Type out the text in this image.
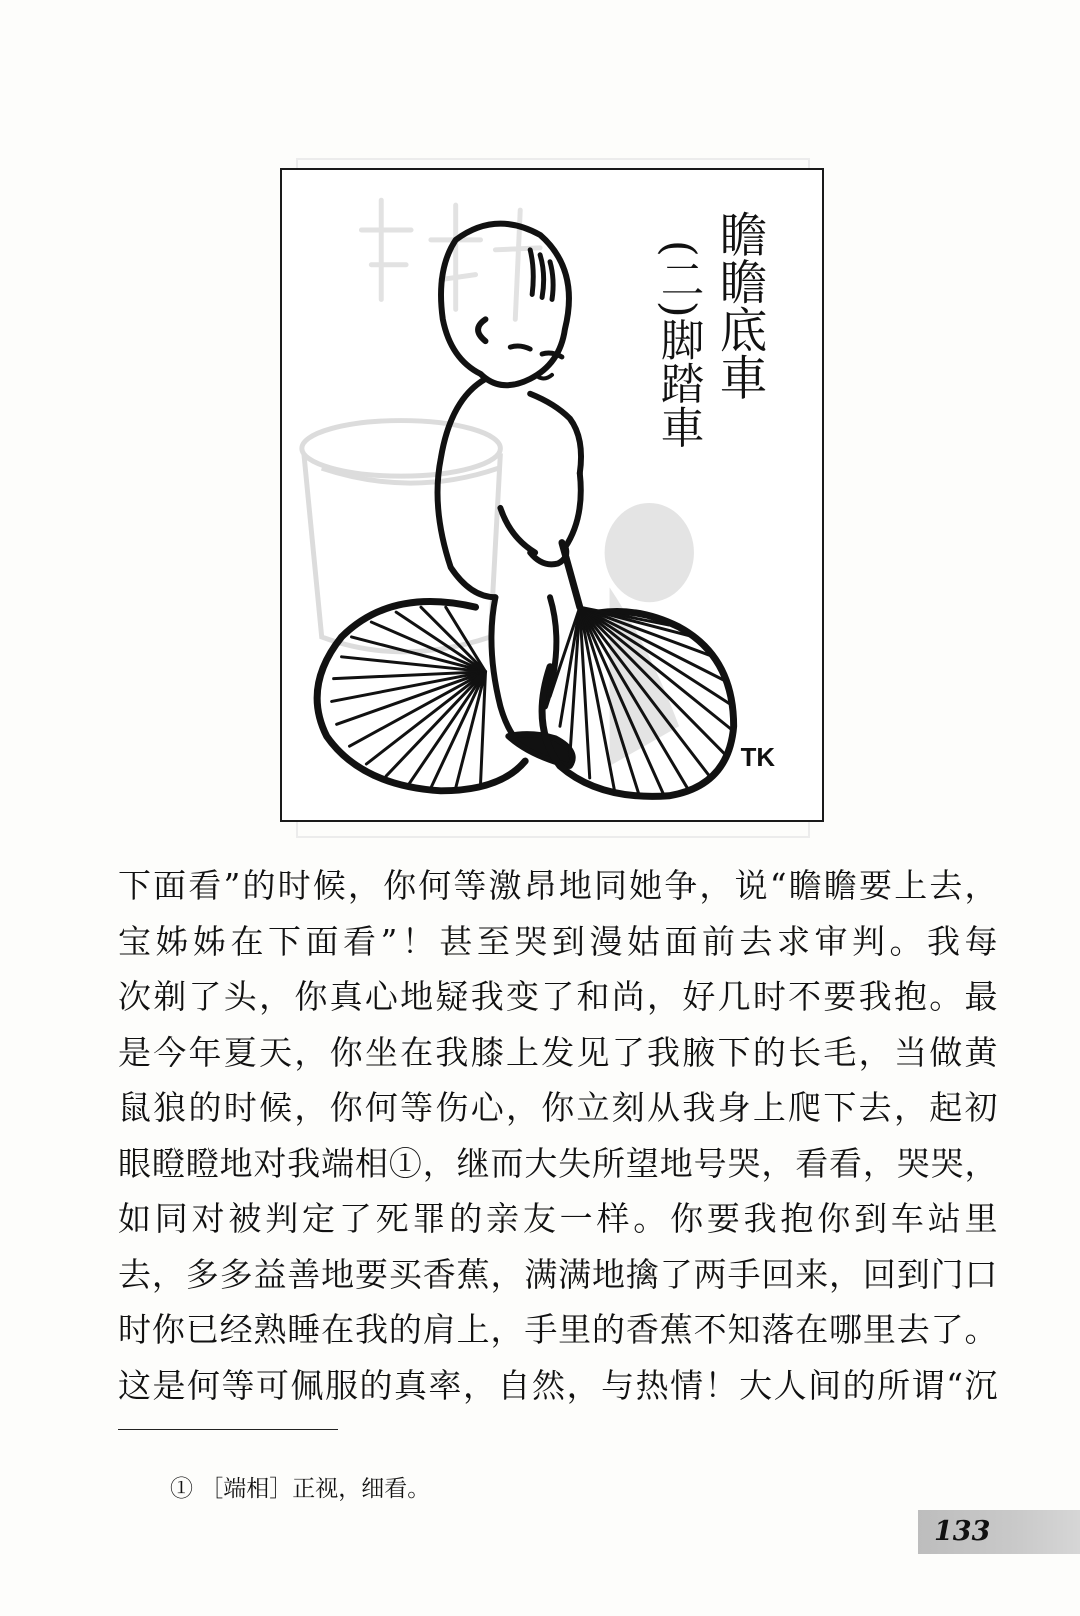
瞻瞻底車
(二)脚踏車
TK
下面看”的时候，你何等激昂地同她争，说“瞻瞻要上去，
宝姊姊在下面看”！甚至哭到漫姑面前去求审判。我每
次剃了头，你真心地疑我变了和尚，好几时不要我抱。最
是今年夏天，你坐在我膝上发见了我腋下的长毛，当做黄
鼠狼的时候，你何等伤心，你立刻从我身上爬下去，起初
眼瞪瞪地对我端相①，继而大失所望地号哭，看看，哭哭，
如同对被判定了死罪的亲友一样。你要我抱你到车站里
去，多多益善地要买香蕉，满满地擒了两手回来，回到门口
时你已经熟睡在我的肩上，手里的香蕉不知落在哪里去了。
这是何等可佩服的真率，自然，与热情！大人间的所谓“沉
① ［端相］正视，细看。
133
